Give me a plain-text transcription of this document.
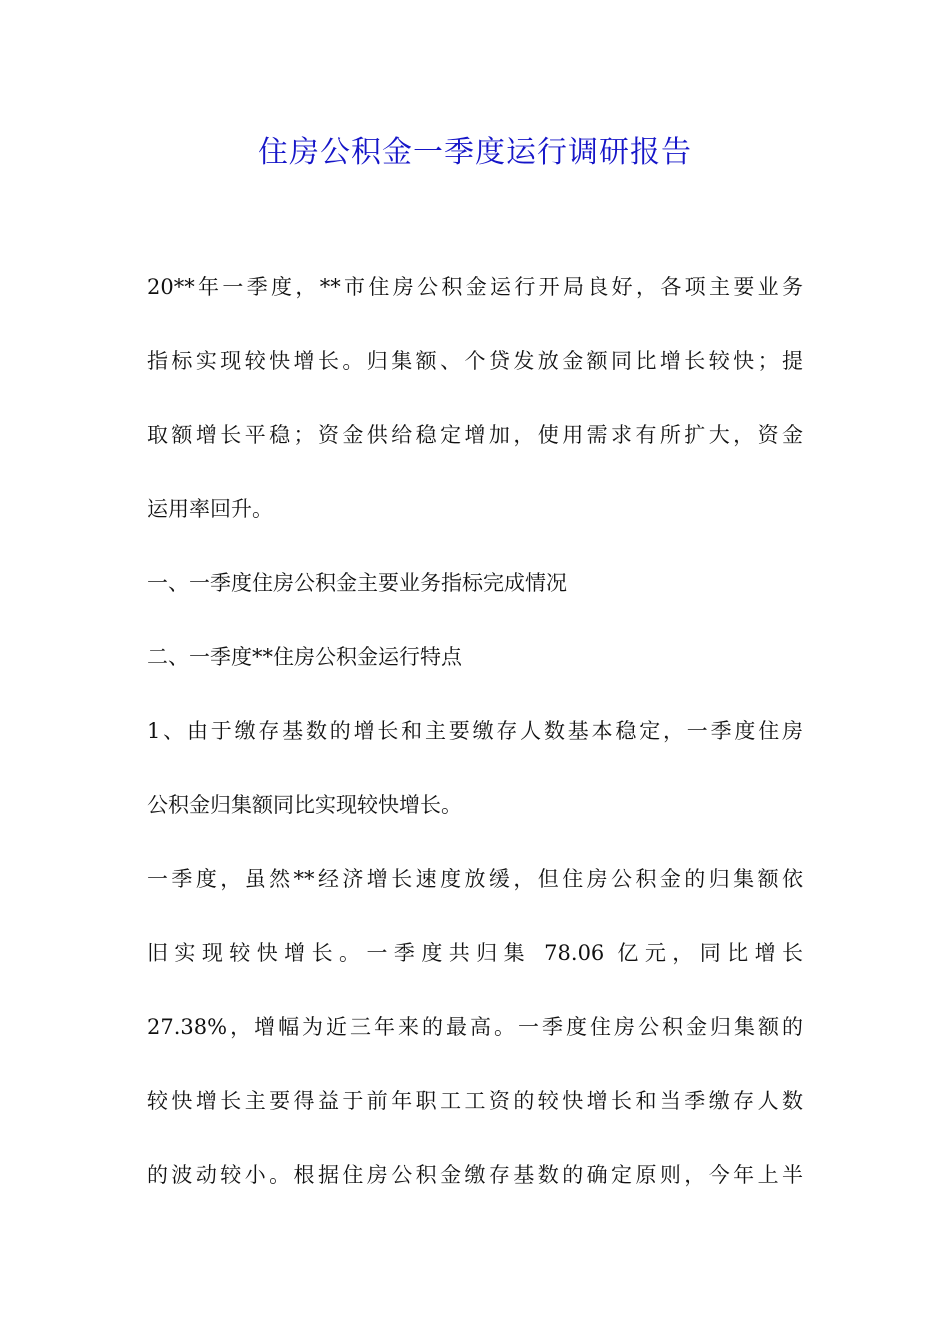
住房公积金一季度运行调研报告
20**年一季度，**市住房公积金运行开局良好，各项主要业务
指标实现较快增长。归集额、个贷发放金额同比增长较快；提
取额增长平稳；资金供给稳定增加，使用需求有所扩大，资金
运用率回升。
一、一季度住房公积金主要业务指标完成情况
二、一季度**住房公积金运行特点
1、由于缴存基数的增长和主要缴存人数基本稳定，一季度住房
公积金归集额同比实现较快增长。
一季度，虽然**经济增长速度放缓，但住房公积金的归集额依
旧实现较快增长。一季度共归集 78.06 亿元，同比增长
27.38%，增幅为近三年来的最高。一季度住房公积金归集额的
较快增长主要得益于前年职工工资的较快增长和当季缴存人数
的波动较小。根据住房公积金缴存基数的确定原则，今年上半
